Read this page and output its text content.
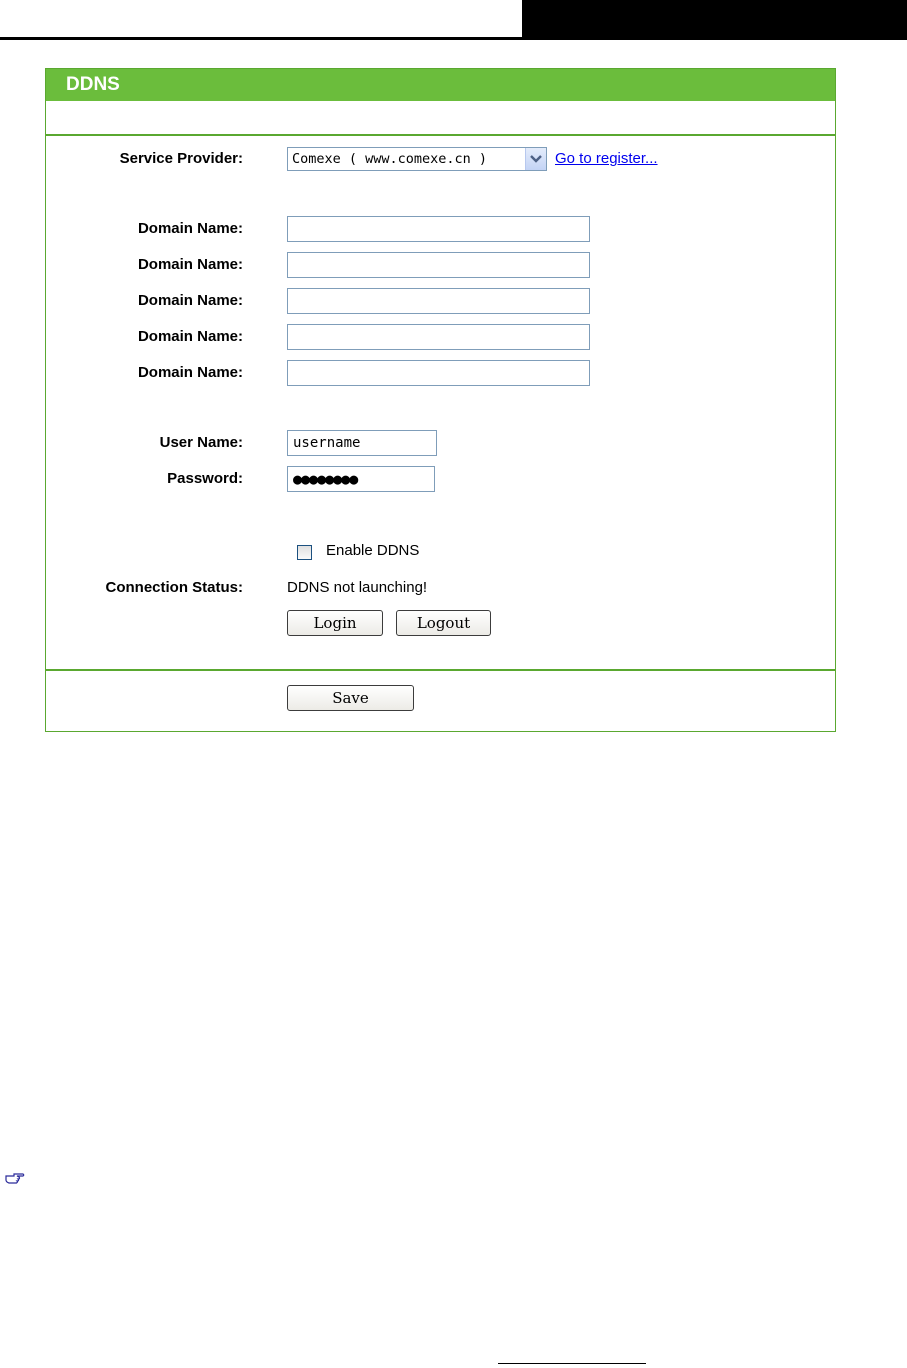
DDNS
Service Provider:	Comexe ( www.comexe.cn )	Go to register...
Domain Name:
Domain Name:
Domain Name:
Domain Name:
Domain Name:
User Name:
username
Password:	●●●●●●●●
Enable DDNS
Connection Status:	DDNS not launching!
Login	Logout
Save
